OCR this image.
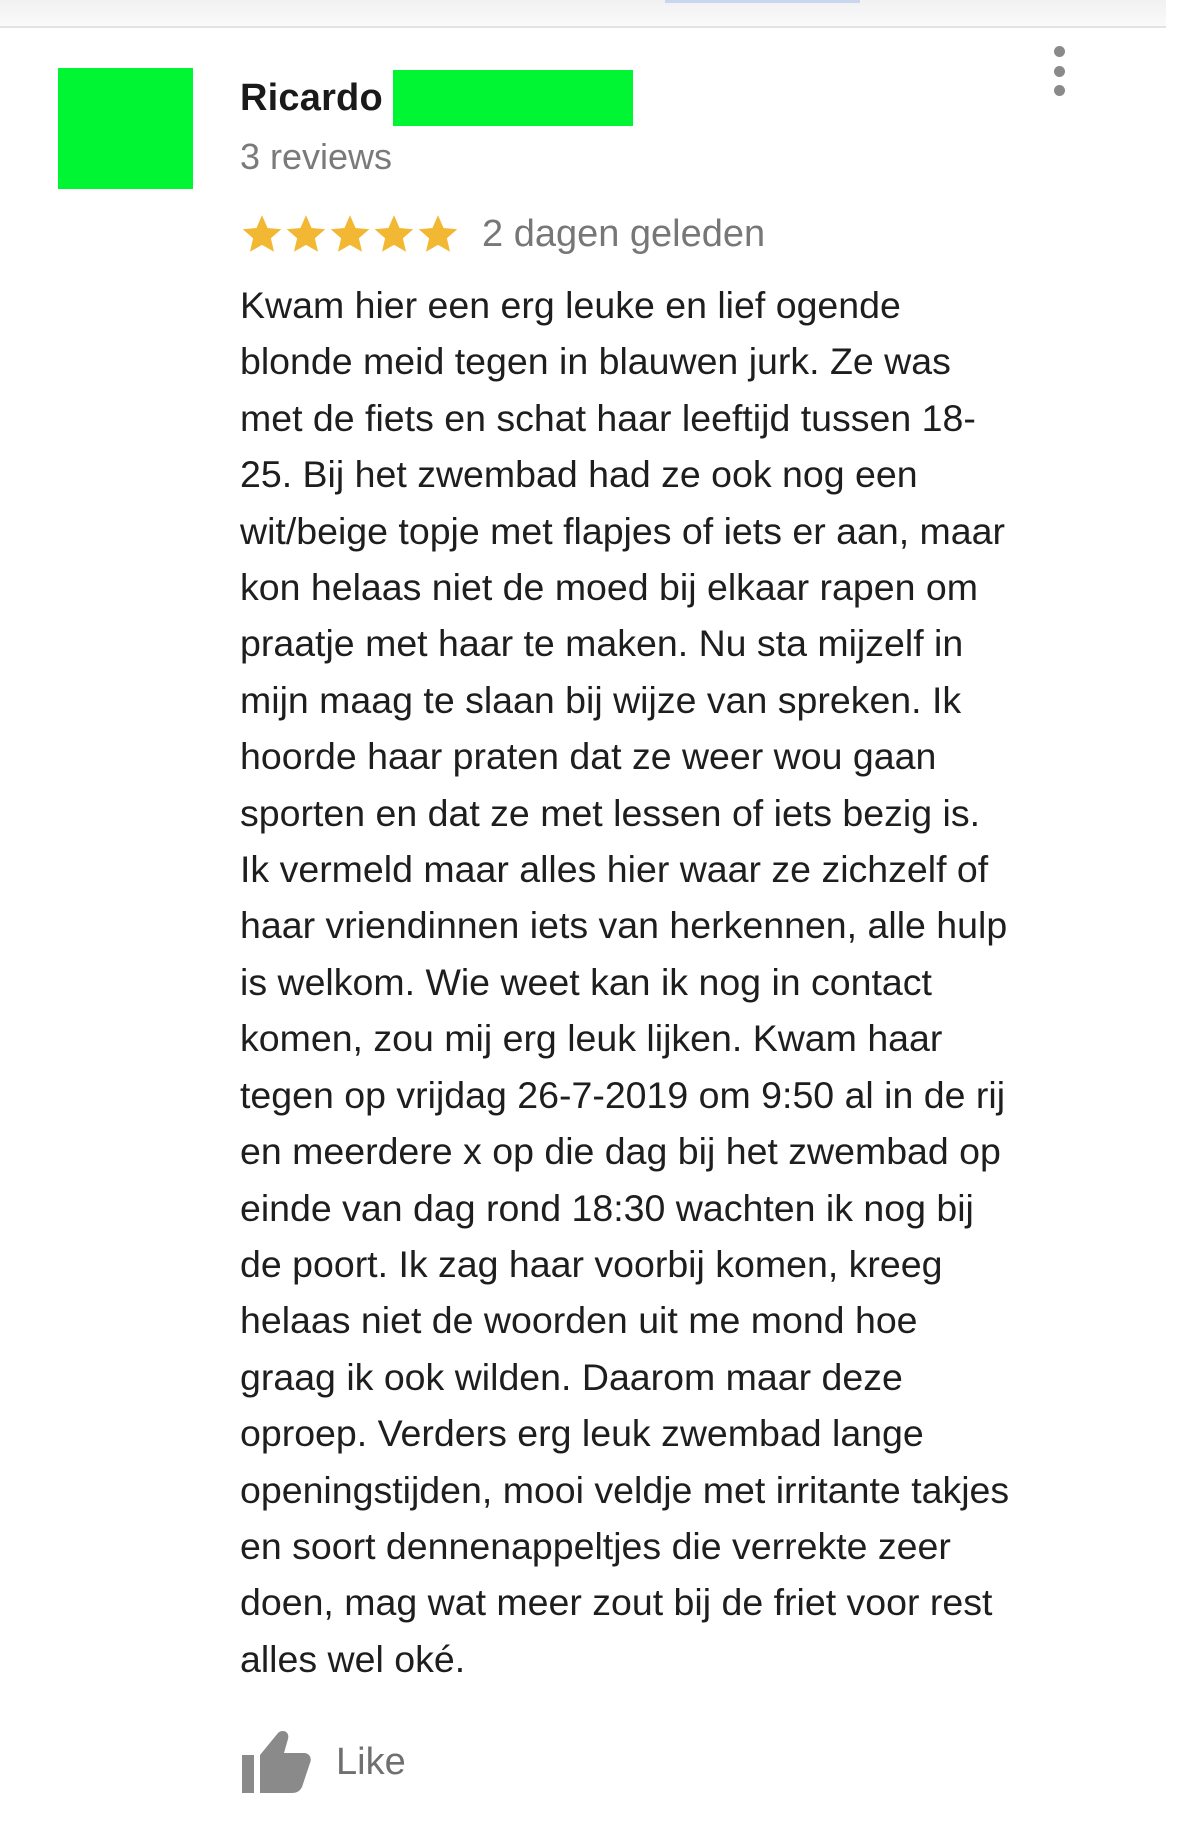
Ricardo
3 reviews
2 dagen geleden

Kwam hier een erg leuke en lief ogende
blonde meid tegen in blauwen jurk. Ze was
met de fiets en schat haar leeftijd tussen 18-
25. Bij het zwembad had ze ook nog een
wit/beige topje met flapjes of iets er aan, maar
kon helaas niet de moed bij elkaar rapen om
praatje met haar te maken. Nu sta mijzelf in
mijn maag te slaan bij wijze van spreken. Ik
hoorde haar praten dat ze weer wou gaan
sporten en dat ze met lessen of iets bezig is.
Ik vermeld maar alles hier waar ze zichzelf of
haar vriendinnen iets van herkennen, alle hulp
is welkom. Wie weet kan ik nog in contact
komen, zou mij erg leuk lijken. Kwam haar
tegen op vrijdag 26-7-2019 om 9:50 al in de rij
en meerdere x op die dag bij het zwembad op
einde van dag rond 18:30 wachten ik nog bij
de poort. Ik zag haar voorbij komen, kreeg
helaas niet de woorden uit me mond hoe
graag ik ook wilden. Daarom maar deze
oproep. Verders erg leuk zwembad lange
openingstijden, mooi veldje met irritante takjes
en soort dennenappeltjes die verrekte zeer
doen, mag wat meer zout bij de friet voor rest
alles wel oké.

Like
